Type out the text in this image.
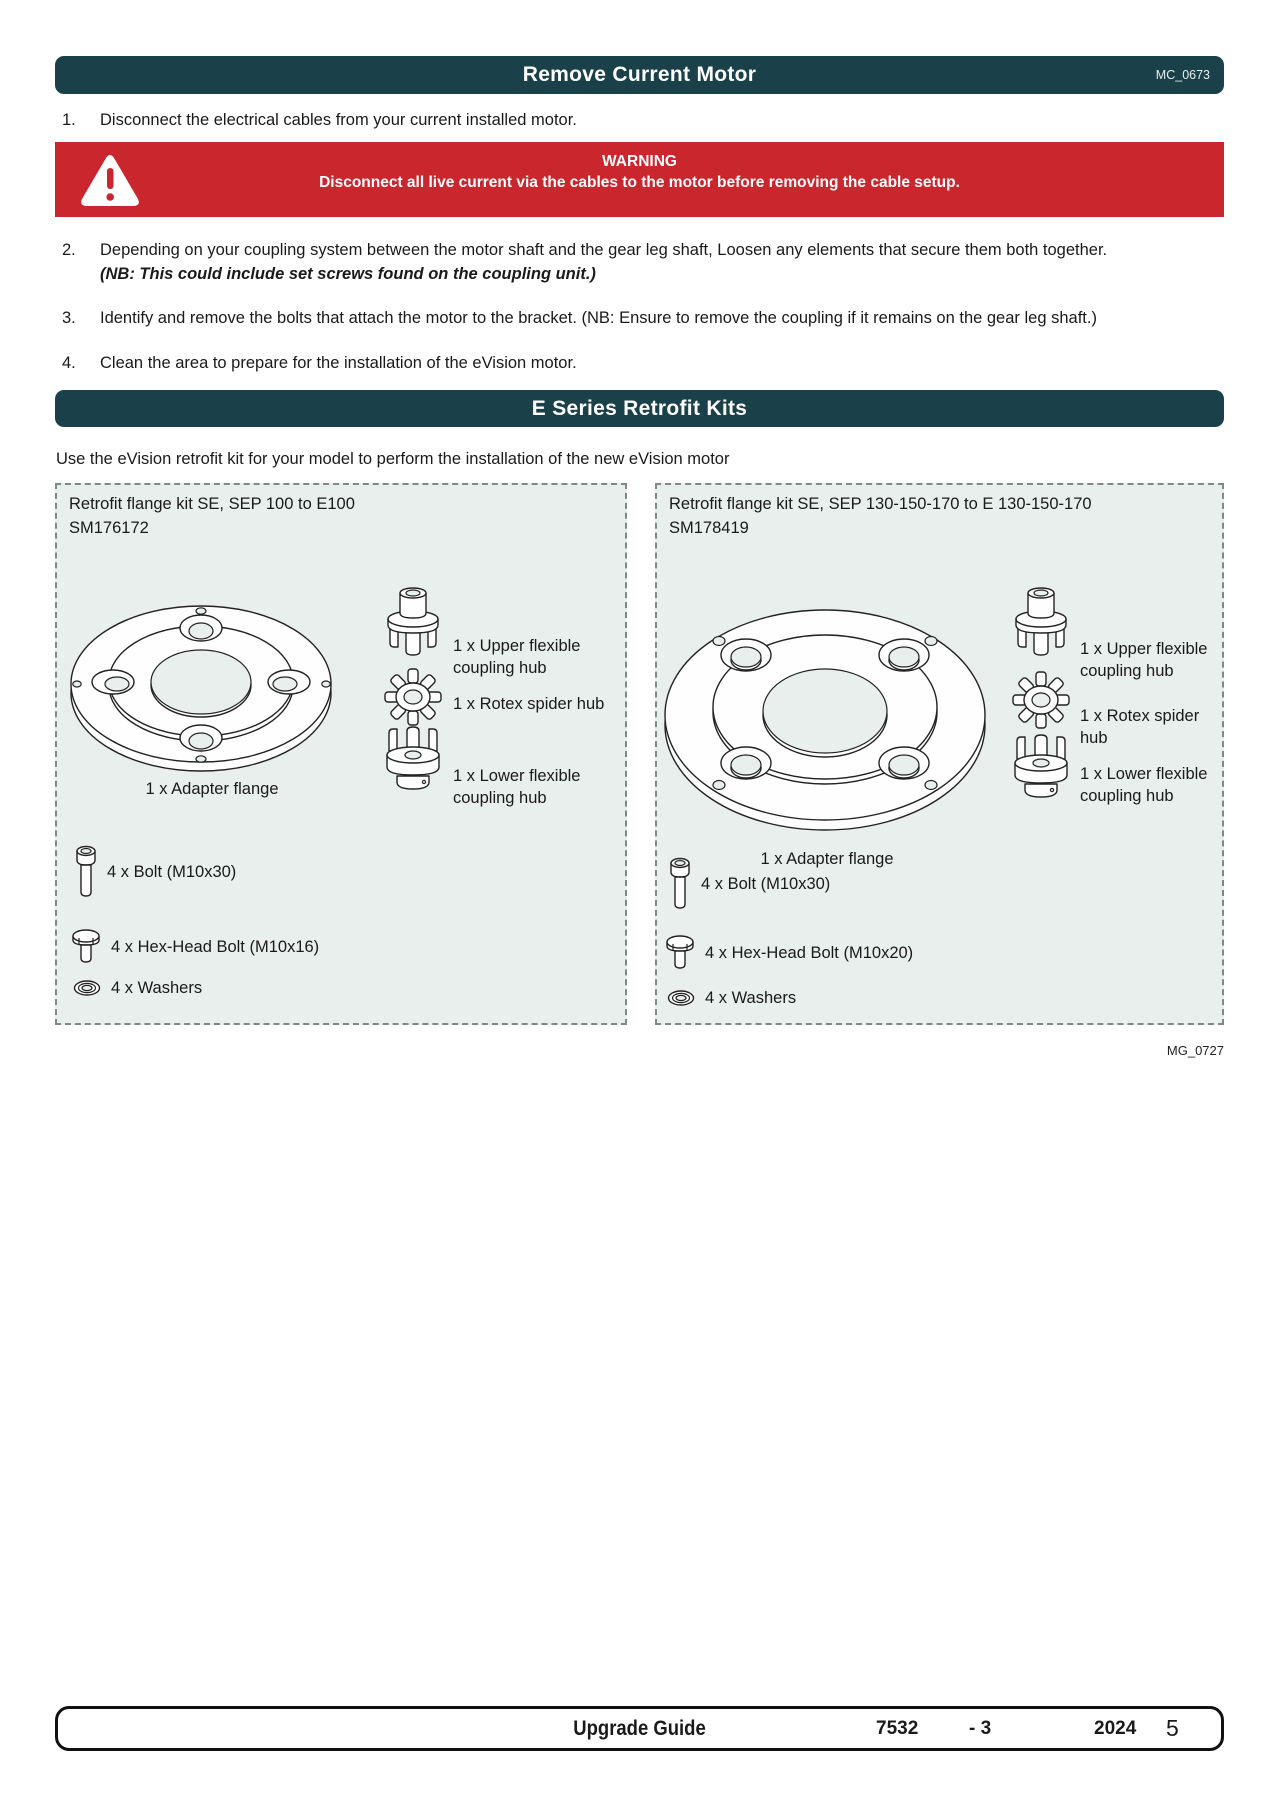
Remove Current Motor	MC_0673
1. Disconnect the electrical cables from your current installed motor.
WARNING
Disconnect all live current via the cables to the motor before removing the cable setup.
2. Depending on your coupling system between the motor shaft and the gear leg shaft, Loosen any elements that secure them both together.
(NB: This could include set screws found on the coupling unit.)
3. Identify and remove the bolts that attach the motor to the bracket. (NB: Ensure to remove the coupling if it remains on the gear leg shaft.)
4. Clean the area to prepare for the installation of the eVision motor.
E Series Retrofit Kits
Use the eVision retrofit kit for your model to perform the installation of the new eVision motor
Retrofit flange kit SE, SEP 100 to E100
SM176172
1 x Adapter flange
1 x Upper flexible coupling hub
1 x Rotex spider hub
1 x Lower flexible coupling hub
4 x Bolt (M10x30)
4 x Hex-Head Bolt (M10x16)
4 x Washers
Retrofit flange kit SE, SEP 130-150-170 to E 130-150-170
SM178419
1 x Adapter flange
1 x Upper flexible coupling hub
1 x Rotex spider hub
1 x Lower flexible coupling hub
4 x Bolt (M10x30)
4 x Hex-Head Bolt (M10x20)
4 x Washers
MG_0727
Upgrade Guide	7532	- 3	2024 5
